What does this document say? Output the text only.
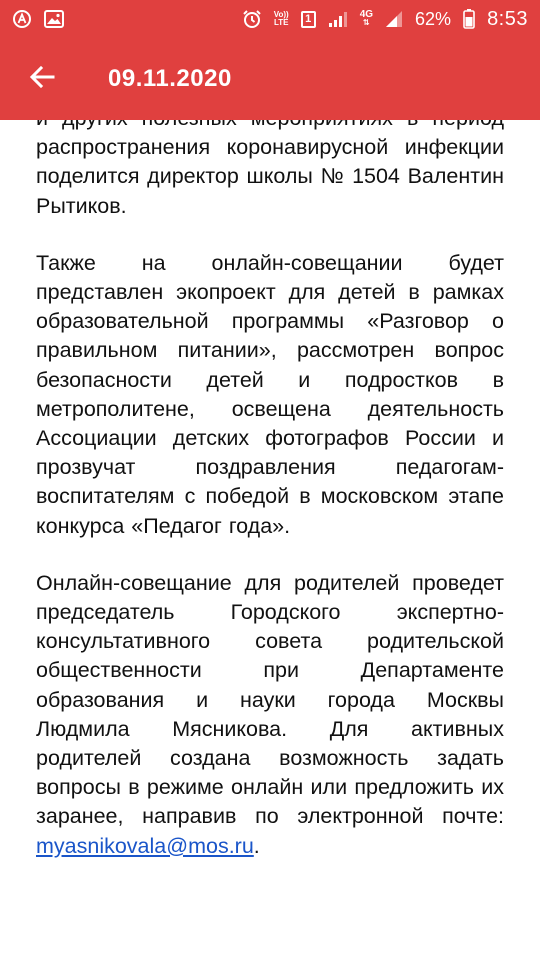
Vo))
LTE	1	4G
⇅	62% 8:53
09.11.2020

распространения коронавирусной инфекции поделится директор школы № 1504 Валентин Рытиков.

Также на онлайн-совещании будет представлен экопроект для детей в рамках образовательной программы «Разговор о правильном питании», рассмотрен вопрос безопасности детей и подростков в метрополитене, освещена деятельность Ассоциации детских фотографов России и прозвучат поздравления педагогам-воспитателям с победой в московском этапе конкурса «Педагог года».

Онлайн-совещание для родителей проведет председатель Городского экспертно-консультативного совета родительской общественности при Департаменте образования и науки города Москвы Людмила Мясникова. Для активных родителей создана возможность задать вопросы в режиме онлайн или предложить их заранее, направив по электронной почте: myasnikovala@mos.ru.
